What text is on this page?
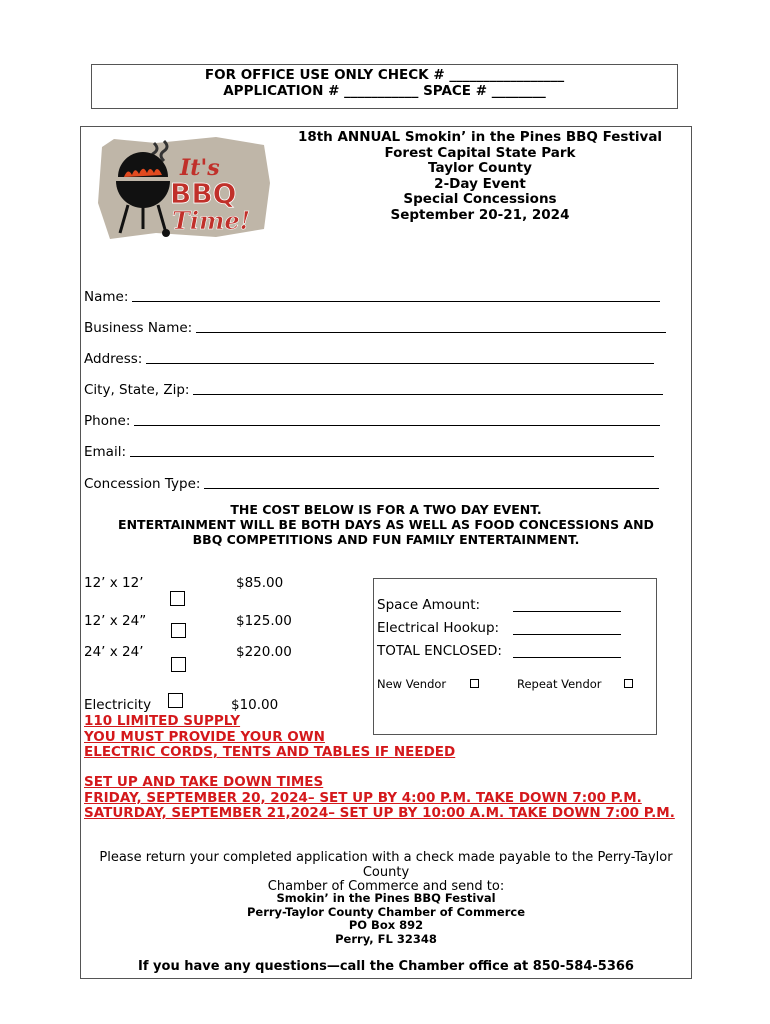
FOR OFFICE USE ONLY CHECK # _________________
APPLICATION # ___________ SPACE # ________
It's
BBQ
Time!
18th ANNUAL Smokin’ in the Pines BBQ Festival
Forest Capital State Park
Taylor County
2-Day Event
Special Concessions
September 20-21, 2024
Name:
Business Name:
Address:
City, State, Zip:
Phone:
Email:
Concession Type:
THE COST BELOW IS FOR A TWO DAY EVENT.
ENTERTAINMENT WILL BE BOTH DAYS AS WELL AS FOOD CONCESSIONS AND
BBQ COMPETITIONS AND FUN FAMILY ENTERTAINMENT.
12’ x 12’	$85.00
12’ x 24”	$125.00
24’ x 24’	$220.00
Electricity	$10.00
Space Amount:
Electrical Hookup:
TOTAL ENCLOSED:
New Vendor	Repeat Vendor
110 LIMITED SUPPLY
YOU MUST PROVIDE YOUR OWN
ELECTRIC CORDS, TENTS AND TABLES IF NEEDED
SET UP AND TAKE DOWN TIMES
FRIDAY, SEPTEMBER 20, 2024– SET UP BY 4:00 P.M. TAKE DOWN 7:00 P.M.
SATURDAY, SEPTEMBER 21,2024– SET UP BY 10:00 A.M. TAKE DOWN 7:00 P.M.
Please return your completed application with a check made payable to the Perry-Taylor County
Chamber of Commerce and send to:
Smokin’ in the Pines BBQ Festival
Perry-Taylor County Chamber of Commerce
PO Box 892
Perry, FL 32348
If you have any questions—call the Chamber office at 850-584-5366
